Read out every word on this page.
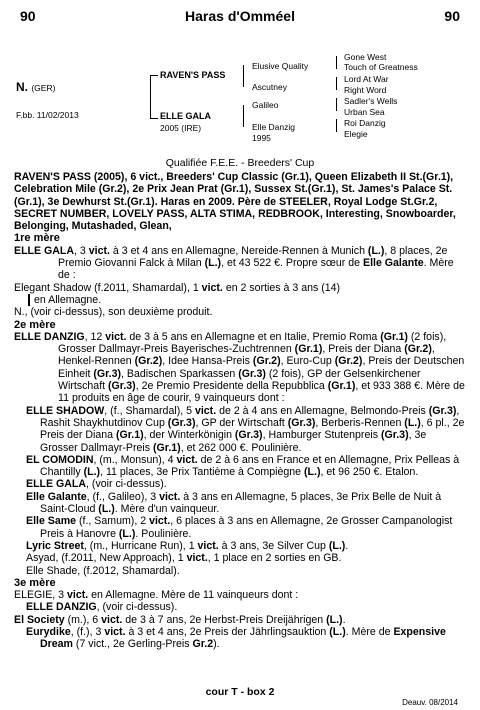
90	Haras d'Omméel	90
N. (GER)
F.bb. 11/02/2013
RAVEN'S PASS
ELLE GALA
2005 (IRE)
Elusive Quality
Ascutney
Galileo
Elle Danzig
1995
Gone West
Touch of Greatness
Lord At War
Right Word
Sadler's Wells
Urban Sea
Roi Danzig
Elegie
Qualifiée F.E.E. - Breeders' Cup

RAVEN'S PASS (2005), 6 vict., Breeders' Cup Classic (Gr.1), Queen Elizabeth II St.(Gr.1), Celebration Mile (Gr.2), 2e Prix Jean Prat (Gr.1), Sussex St.(Gr.1), St. James's Palace St.(Gr.1), 3e Dewhurst St.(Gr.1). Haras en 2009. Père de STEELER, Royal Lodge St.Gr.2, SECRET NUMBER, LOVELY PASS, ALTA STIMA, REDBROOK, Interesting, Snowboarder, Belonging, Mutashaded, Glean,

1re mère

ELLE GALA, 3 vict. à 3 et 4 ans en Allemagne, Nereide-Rennen à Munich (L.), 8 places, 2e Premio Giovanni Falck à Milan (L.), et 43 522 €. Propre sœur de Elle Galante. Mère de :

Elegant Shadow (f.2011, Shamardal), 1 vict. en 2 sorties à 3 ans (14)

en Allemagne.

N., (voir ci-dessus), son deuxième produit.

2e mère

ELLE DANZIG, 12 vict. de 3 à 5 ans en Allemagne et en Italie, Premio Roma (Gr.1) (2 fois), Grosser Dallmayr-Preis Bayerisches-Zuchtrennen (Gr.1), Preis der Diana (Gr.2), Henkel-Rennen (Gr.2), Idee Hansa-Preis (Gr.2), Euro-Cup (Gr.2), Preis der Deutschen Einheit (Gr.3), Badischen Sparkassen (Gr.3) (2 fois), GP der Gelsenkirchener Wirtschaft (Gr.3), 2e Premio Presidente della Repubblica (Gr.1), et 933 388 €. Mère de 11 produits en âge de courir, 9 vainqueurs dont :

ELLE SHADOW, (f., Shamardal), 5 vict. de 2 à 4 ans en Allemagne, Belmondo-Preis (Gr.3), Rashit Shaykhutdinov Cup (Gr.3), GP der Wirtschaft (Gr.3), Berberis-Rennen (L.), 6 pl., 2e Preis der Diana (Gr.1), der Winterkönigin (Gr.3), Hamburger Stutenpreis (Gr.3), 3e Grosser Dallmayr-Preis (Gr.1), et 262 000 €. Poulinière.

EL COMODIN, (m., Monsun), 4 vict. de 2 à 6 ans en France et en Allemagne, Prix Pelleas à Chantilly (L.), 11 places, 3e Prix Tantième à Compiègne (L.), et 96 250 €. Etalon.

ELLE GALA, (voir ci-dessus).

Elle Galante, (f., Galileo), 3 vict. à 3 ans en Allemagne, 5 places, 3e Prix Belle de Nuit à Saint-Cloud (L.). Mère d'un vainqueur.

Elle Same (f., Samum), 2 vict., 6 places à 3 ans en Allemagne, 2e Grosser Campanologist Preis à Hanovre (L.). Poulinière.

Lyric Street, (m., Hurricane Run), 1 vict. à 3 ans, 3e Silver Cup (L.).

Asyad, (f.2011, New Approach), 1 vict., 1 place en 2 sorties en GB.

Elle Shade, (f.2012, Shamardal).

3e mère

ELEGIE, 3 vict. en Allemagne. Mère de 11 vainqueurs dont :

ELLE DANZIG, (voir ci-dessus).

El Society (m.), 6 vict. de 3 à 7 ans, 2e Herbst-Preis Dreijährigen (L.).

Eurydike, (f.), 3 vict. à 3 et 4 ans, 2e Preis der Jährlingsauktion (L.). Mère de Expensive Dream (7 vict., 2e Gerling-Preis Gr.2).

cour T - box 2
Deauv. 08/2014
